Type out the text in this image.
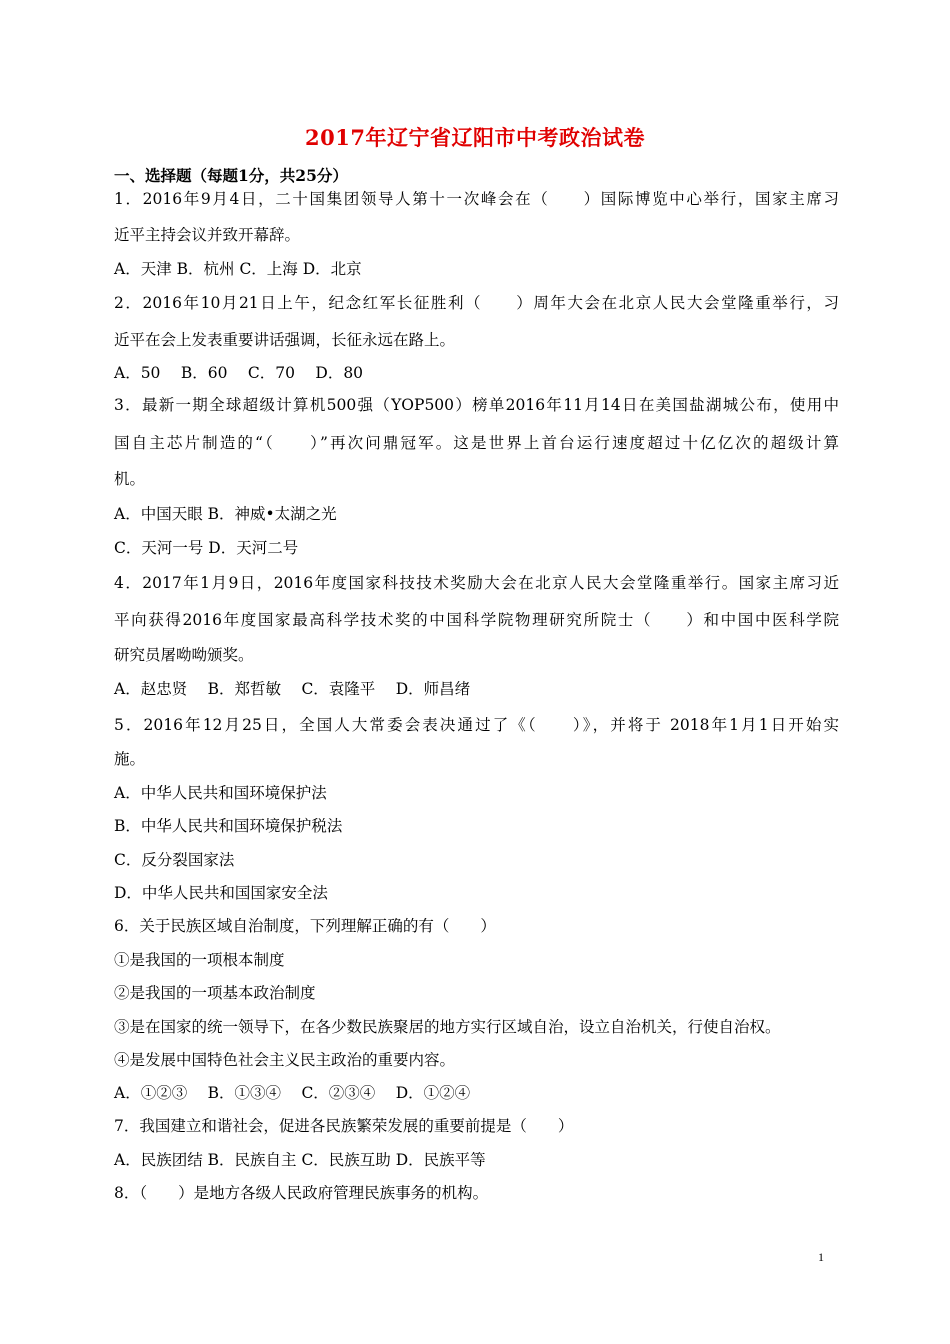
2017年辽宁省辽阳市中考政治试卷
一、选择题（每题1分，共25分）
1．2016年9月4日，二十国集团领导人第十一次峰会在（　　）国际博览中心举行，国家主席习
近平主持会议并致开幕辞。
A．天津 B．杭州 C．上海 D．北京
2．2016年10月21日上午，纪念红军长征胜利（　　）周年大会在北京人民大会堂隆重举行，习
近平在会上发表重要讲话强调，长征永远在路上。
A．50　 B．60　 C．70　 D．80
3．最新一期全球超级计算机500强（YOP500）榜单2016年11月14日在美国盐湖城公布，使用中
国自主芯片制造的“（　　）”再次问鼎冠军。这是世界上首台运行速度超过十亿亿次的超级计算
机。
A．中国天眼 B．神威•太湖之光
C．天河一号 D．天河二号
4．2017年1月9日，2016年度国家科技技术奖励大会在北京人民大会堂隆重举行。国家主席习近
平向获得2016年度国家最高科学技术奖的中国科学院物理研究所院士（　　）和中国中医科学院
研究员屠呦呦颁奖。
A．赵忠贤　 B．郑哲敏　 C．袁隆平　 D．师昌绪
5．2016年12月25日，全国人大常委会表决通过了《（　　）》，并将于 2018年1月1日开始实
施。
A．中华人民共和国环境保护法
B．中华人民共和国环境保护税法
C．反分裂国家法
D．中华人民共和国国家安全法
6．关于民族区域自治制度，下列理解正确的有（　　）
①是我国的一项根本制度
②是我国的一项基本政治制度
③是在国家的统一领导下，在各少数民族聚居的地方实行区域自治，设立自治机关，行使自治权。
④是发展中国特色社会主义民主政治的重要内容。
A．①②③　 B．①③④　 C．②③④　 D．①②④
7．我国建立和谐社会，促进各民族繁荣发展的重要前提是（　　）
A．民族团结 B．民族自主 C．民族互助 D．民族平等
8．（　　）是地方各级人民政府管理民族事务的机构。
1
